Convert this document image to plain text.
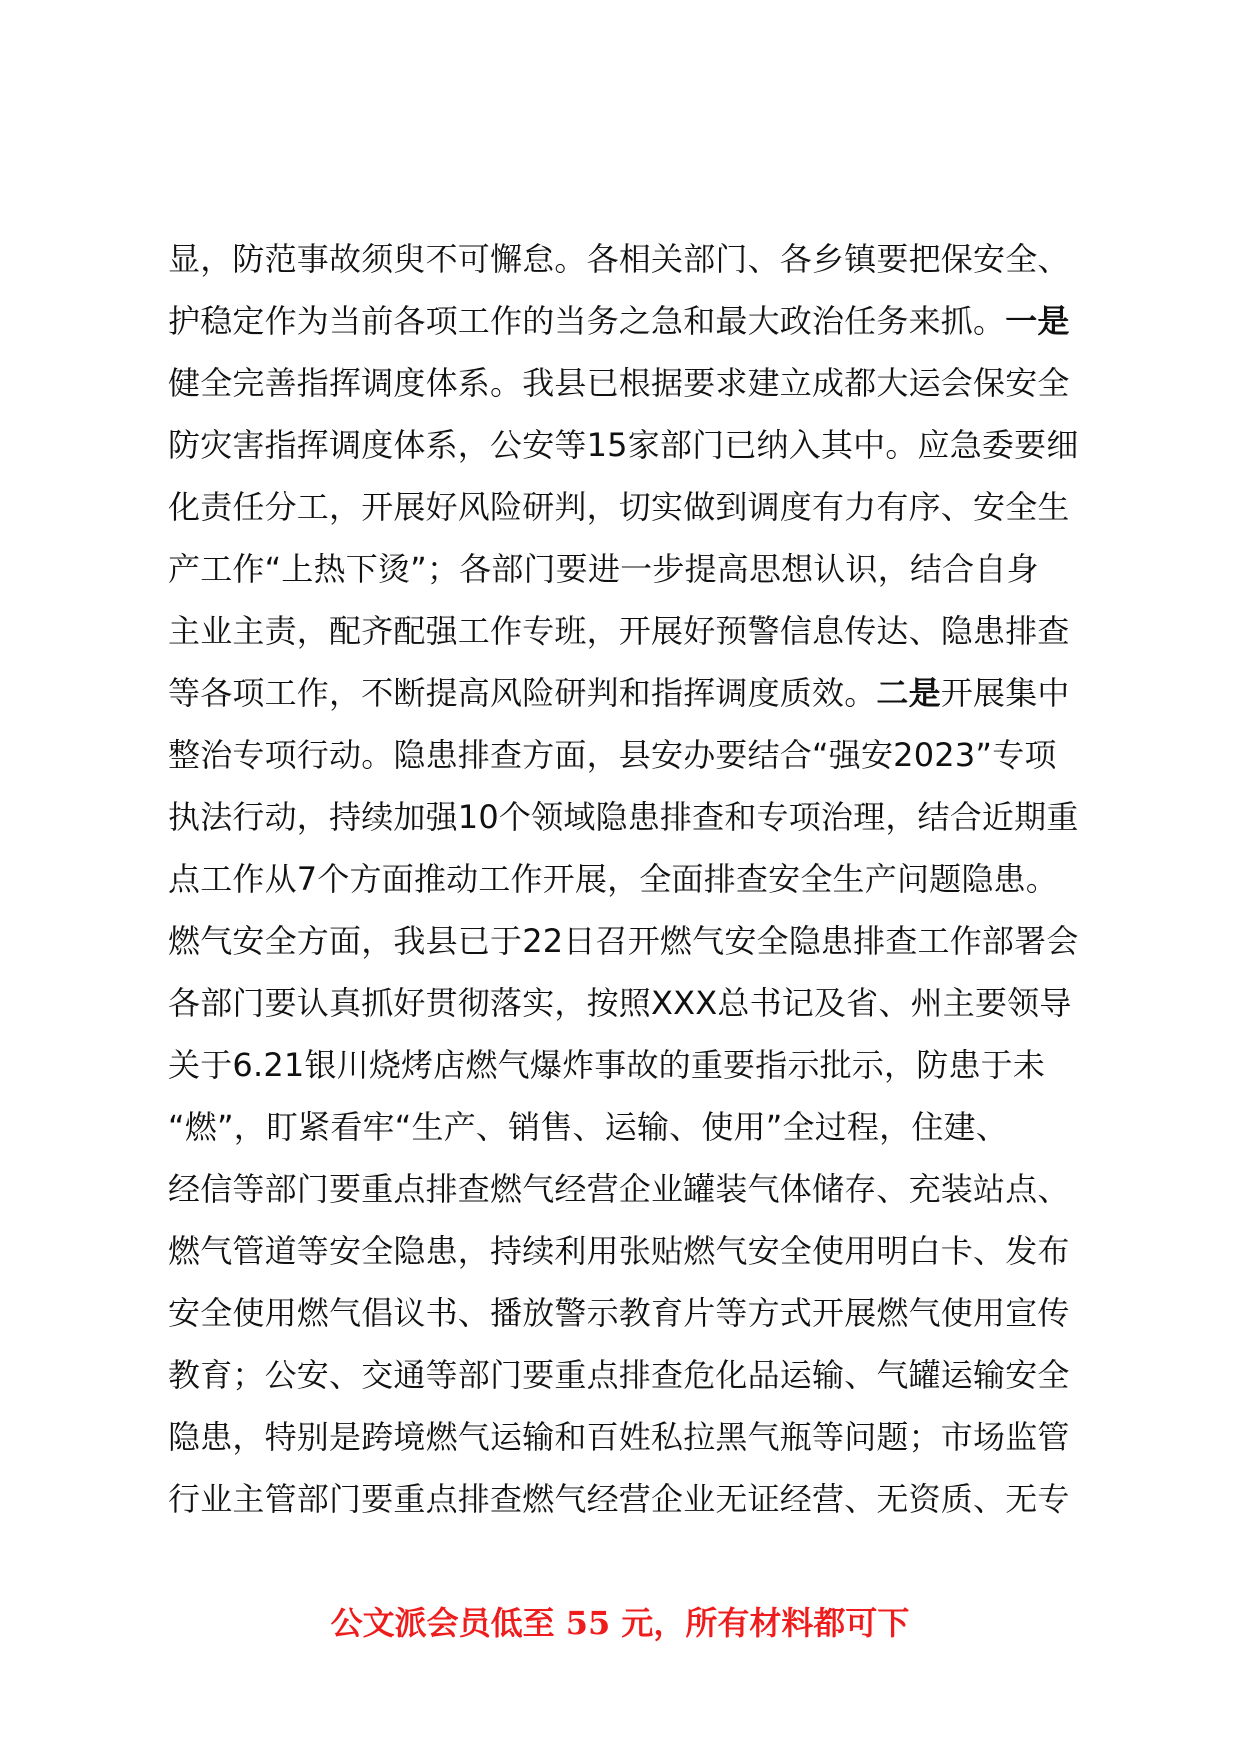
显，防范事故须臾不可懈怠。各相关部门、各乡镇要把保安全、
护稳定作为当前各项工作的当务之急和最大政治任务来抓。一是
健全完善指挥调度体系。我县已根据要求建立成都大运会保安全
防灾害指挥调度体系，公安等15家部门已纳入其中。应急委要细
化责任分工，开展好风险研判，切实做到调度有力有序、安全生
产工作“上热下烫”；各部门要进一步提高思想认识，结合自身
主业主责，配齐配强工作专班，开展好预警信息传达、隐患排查
等各项工作，不断提高风险研判和指挥调度质效。二是开展集中
整治专项行动。隐患排查方面，县安办要结合“强安2023”专项
执法行动，持续加强10个领域隐患排查和专项治理，结合近期重
点工作从7个方面推动工作开展，全面排查安全生产问题隐患。
燃气安全方面，我县已于22日召开燃气安全隐患排查工作部署会
各部门要认真抓好贯彻落实，按照XXX总书记及省、州主要领导
关于6.21银川烧烤店燃气爆炸事故的重要指示批示，防患于未
“燃”，盯紧看牢“生产、销售、运输、使用”全过程，住建、
经信等部门要重点排查燃气经营企业罐装气体储存、充装站点、
燃气管道等安全隐患，持续利用张贴燃气安全使用明白卡、发布
安全使用燃气倡议书、播放警示教育片等方式开展燃气使用宣传
教育；公安、交通等部门要重点排查危化品运输、气罐运输安全
隐患，特别是跨境燃气运输和百姓私拉黑气瓶等问题；市场监管
行业主管部门要重点排查燃气经营企业无证经营、无资质、无专
公文派会员低至 55 元，所有材料都可下
